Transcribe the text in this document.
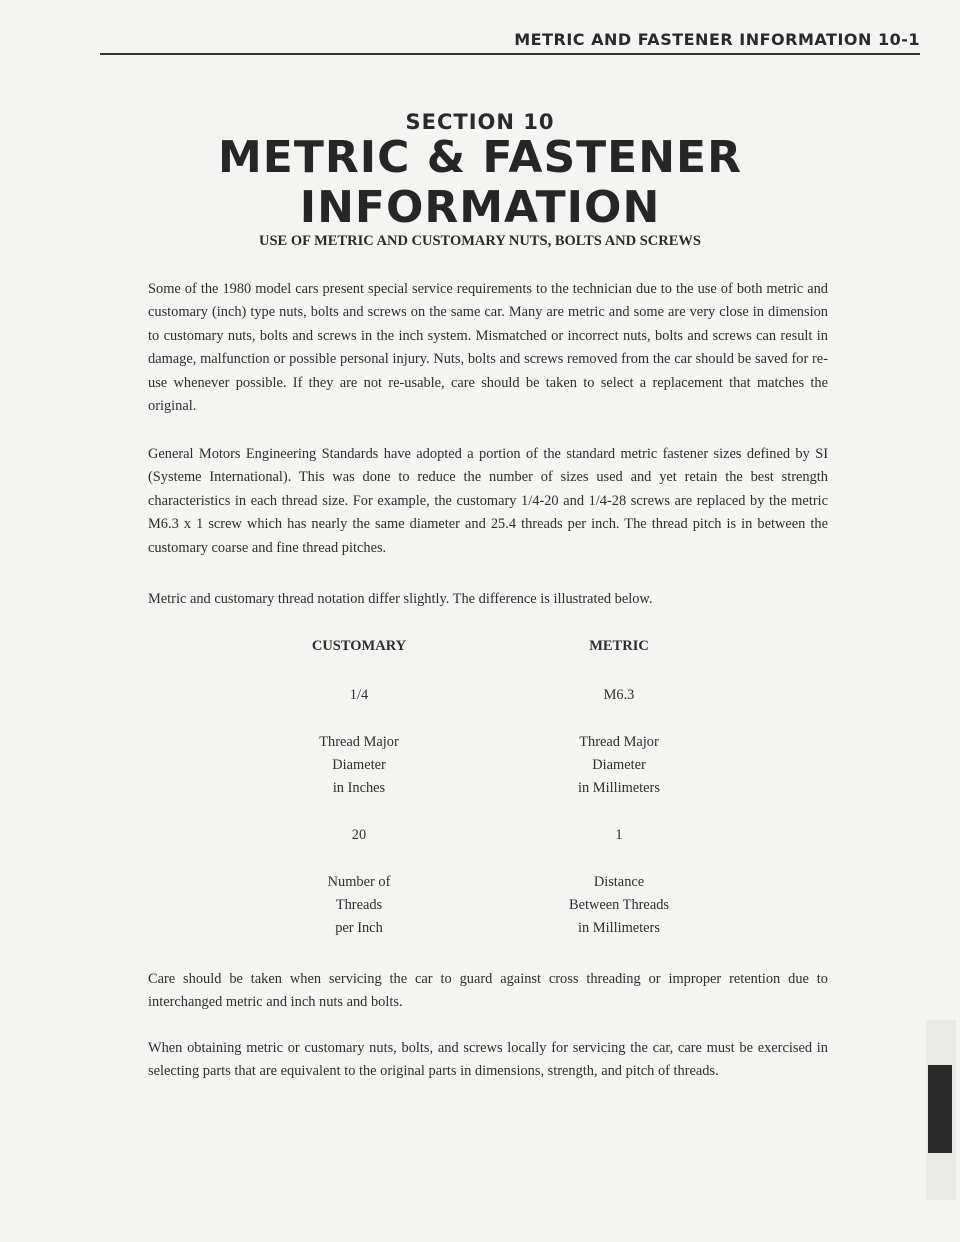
METRIC AND FASTENER INFORMATION 10-1
SECTION 10
METRIC & FASTENER
INFORMATION
USE OF METRIC AND CUSTOMARY NUTS, BOLTS AND SCREWS

Some of the 1980 model cars present special service requirements to the technician due to the use of both metric and customary (inch) type nuts, bolts and screws on the same car. Many are metric and some are very close in dimension to customary nuts, bolts and screws in the inch system. Mismatched or incorrect nuts, bolts and screws can result in damage, malfunction or possible personal injury. Nuts, bolts and screws removed from the car should be saved for re-use whenever possible. If they are not re-usable, care should be taken to select a replacement that matches the original.

General Motors Engineering Standards have adopted a portion of the standard metric fastener sizes defined by SI (Systeme International). This was done to reduce the number of sizes used and yet retain the best strength characteristics in each thread size. For example, the customary 1/4-20 and 1/4-28 screws are replaced by the metric M6.3 x 1 screw which has nearly the same diameter and 25.4 threads per inch. The thread pitch is in between the customary coarse and fine thread pitches.

Metric and customary thread notation differ slightly. The difference is illustrated below.

CUSTOMARY
1/4
Thread Major
Diameter
in Inches
20
Number of
Threads
per Inch
METRIC
M6.3
Thread Major
Diameter
in Millimeters
1
Distance
Between Threads
in Millimeters

Care should be taken when servicing the car to guard against cross threading or improper retention due to interchanged metric and inch nuts and bolts.

When obtaining metric or customary nuts, bolts, and screws locally for servicing the car, care must be exercised in selecting parts that are equivalent to the original parts in dimensions, strength, and pitch of threads.
